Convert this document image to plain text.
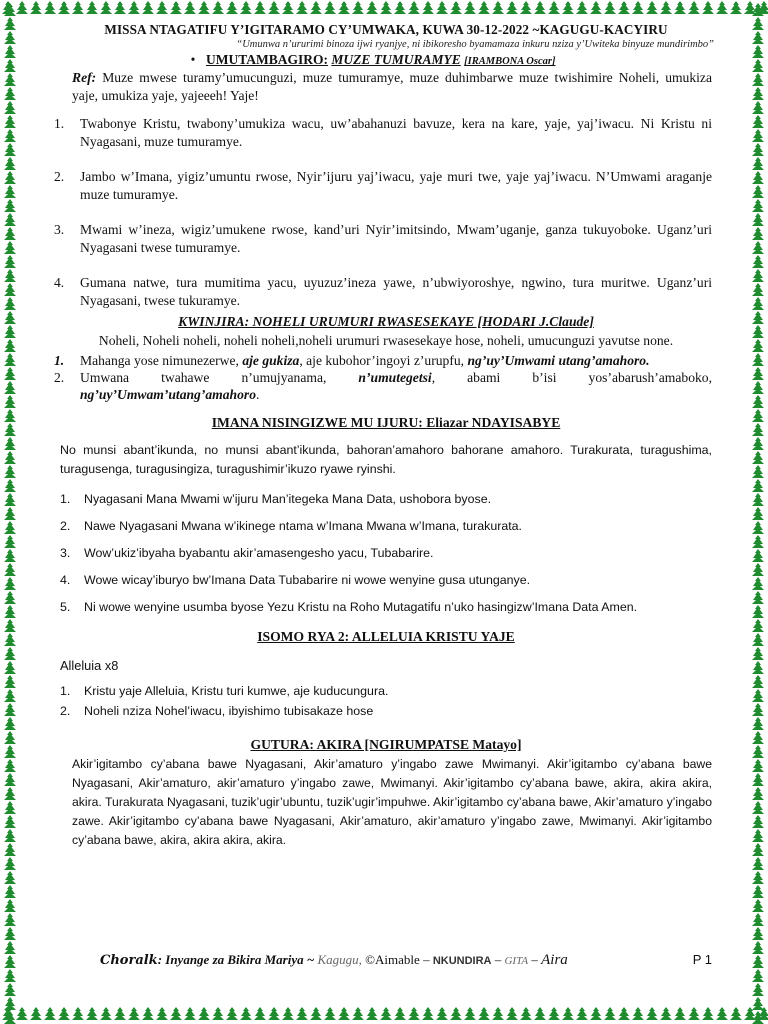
MISSA NTAGATIFU Y’IGITARAMO CY’UMWAKA, KUWA 30-12-2022 ~KAGUGU-KACYIRU
“Umunwa n’ururimi binoza ijwi ryanjye, ni ibikoresho byamamaza inkuru nziza y’Uwiteka binyuze mundirimbo”
• UMUTAMBAGIRO: MUZE TUMURAMYE [IRAMBONA Oscar]

Ref: Muze mwese turamy’umucunguzi, muze tumuramye, muze duhimbarwe muze twishimire Noheli, umukiza yaje, umukiza yaje, yajeeeh! Yaje!

1. Twabonye Kristu, twabony’umukiza wacu, uw’abahanuzi bavuze, kera na kare, yaje, yaj’iwacu. Ni Kristu ni Nyagasani, muze tumuramye.
2. Jambo w’Imana, yigiz’umuntu rwose, Nyir’ijuru yaj’iwacu, yaje muri twe, yaje yaj’iwacu. N’Umwami araganje muze tumuramye.
3. Mwami w’ineza, wigiz’umukene rwose, kand’uri Nyir’imitsindo, Mwam’uganje, ganza tukuyoboke. Uganz’uri Nyagasani twese tumuramye.
4. Gumana natwe, tura mumitima yacu, uyuzuz’ineza yawe, n’ubwiyoroshye, ngwino, tura muritwe. Uganz’uri Nyagasani, twese tukuramye.
KWINJIRA: NOHELI URUMURI RWASESEKAYE [HODARI J.Claude]

Noheli, Noheli noheli, noheli noheli,noheli urumuri rwasesekaye hose, noheli, umucunguzi yavutse none.

1. Mahanga yose nimunezerwe, aje gukiza, aje kubohor’ingoyi z’urupfu, ng’uy’Umwami utang’amahoro.
2. Umwana twahawe n’umujyanama, n’umutegetsi, abami b’isi yos’abarush’amaboko, ng’uy’Umwam’utang’amahoro.
IMANA NISINGIZWE MU IJURU: Eliazar NDAYISABYE

No munsi abant’ikunda, no munsi abant’ikunda, bahoran’amahoro bahorane amahoro. Turakurata, turagushima, turagusenga, turagusingiza, turagushimir’ikuzo ryawe ryinshi.

1. Nyagasani Mana Mwami w’ijuru Man’itegeka Mana Data, ushobora byose.
2. Nawe Nyagasani Mwana w’ikinege ntama w’Imana Mwana w’Imana, turakurata.
3. Wow’ukiz’ibyaha byabantu akir’amasengesho yacu, Tubabarire.
4. Wowe wicay’iburyo bw’Imana Data Tubabarire ni wowe wenyine gusa utunganye.
5. Ni wowe wenyine usumba byose Yezu Kristu na Roho Mutagatifu n’uko hasingizw’Imana Data Amen.
ISOMO RYA 2: ALLELUIA KRISTU YAJE

Alleluia x8

1. Kristu yaje Alleluia, Kristu turi kumwe, aje kuducungura.
2. Noheli nziza Nohel’iwacu, ibyishimo tubisakaze hose
GUTURA: AKIRA [NGIRUMPATSE Matayo]

Akir’igitambo cy’abana bawe Nyagasani, Akir’amaturo y’ingabo zawe Mwimanyi. Akir’igitambo cy’abana bawe Nyagasani, Akir’amaturo, akir’amaturo y’ingabo zawe, Mwimanyi. Akir’igitambo cy’abana bawe, akira, akira akira, akira. Turakurata Nyagasani, tuzik’ugir’ubuntu, tuzik’ugir’impuhwe. Akir’igitambo cy’abana bawe, Akir’amaturo y’ingabo zawe. Akir’igitambo cy’abana bawe Nyagasani, Akir’amaturo, akir’amaturo y’ingabo zawe, Mwimanyi. Akir’igitambo cy’abana bawe, akira, akira akira, akira.

Choralk: Inyange za Bikira Mariya ~ Kagugu, ©Aimable – NKUNDIRA – GITA – Aira	P 1
